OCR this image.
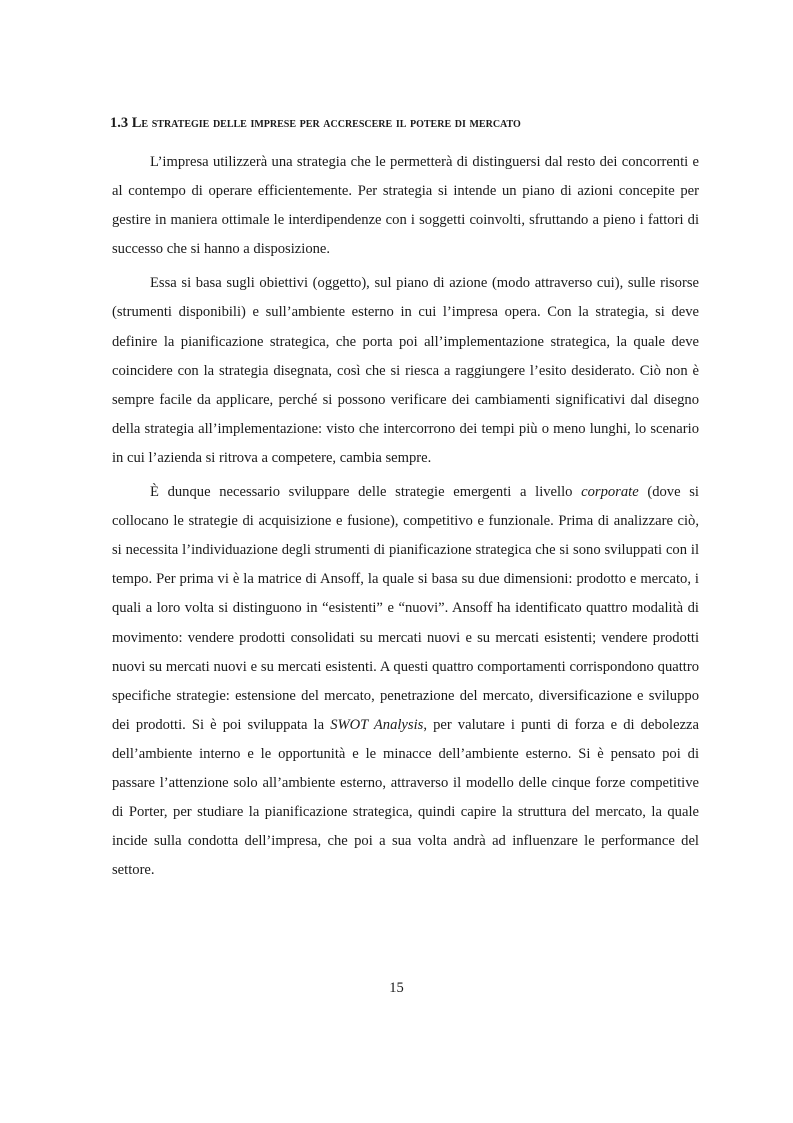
1.3 Le strategie delle imprese per accrescere il potere di mercato

L’impresa utilizzerà una strategia che le permetterà di distinguersi dal resto dei concorrenti e al contempo di operare efficientemente. Per strategia si intende un piano di azioni concepite per gestire in maniera ottimale le interdipendenze con i soggetti coinvolti, sfruttando a pieno i fattori di successo che si hanno a disposizione.

Essa si basa sugli obiettivi (oggetto), sul piano di azione (modo attraverso cui), sulle risorse (strumenti disponibili) e sull’ambiente esterno in cui l’impresa opera. Con la strategia, si deve definire la pianificazione strategica, che porta poi all’implementazione strategica, la quale deve coincidere con la strategia disegnata, così che si riesca a raggiungere l’esito desiderato. Ciò non è sempre facile da applicare, perché si possono verificare dei cambiamenti significativi dal disegno della strategia all’implementazione: visto che intercorrono dei tempi più o meno lunghi, lo scenario in cui l’azienda si ritrova a competere, cambia sempre.

È dunque necessario sviluppare delle strategie emergenti a livello corporate (dove si collocano le strategie di acquisizione e fusione), competitivo e funzionale. Prima di analizzare ciò, si necessita l’individuazione degli strumenti di pianificazione strategica che si sono sviluppati con il tempo. Per prima vi è la matrice di Ansoff, la quale si basa su due dimensioni: prodotto e mercato, i quali a loro volta si distinguono in “esistenti” e “nuovi”. Ansoff ha identificato quattro modalità di movimento: vendere prodotti consolidati su mercati nuovi e su mercati esistenti; vendere prodotti nuovi su mercati nuovi e su mercati esistenti. A questi quattro comportamenti corrispondono quattro specifiche strategie: estensione del mercato, penetrazione del mercato, diversificazione e sviluppo dei prodotti. Si è poi sviluppata la SWOT Analysis, per valutare i punti di forza e di debolezza dell’ambiente interno e le opportunità e le minacce dell’ambiente esterno. Si è pensato poi di passare l’attenzione solo all’ambiente esterno, attraverso il modello delle cinque forze competitive di Porter, per studiare la pianificazione strategica, quindi capire la struttura del mercato, la quale incide sulla condotta dell’impresa, che poi a sua volta andrà ad influenzare le performance del settore.

15
